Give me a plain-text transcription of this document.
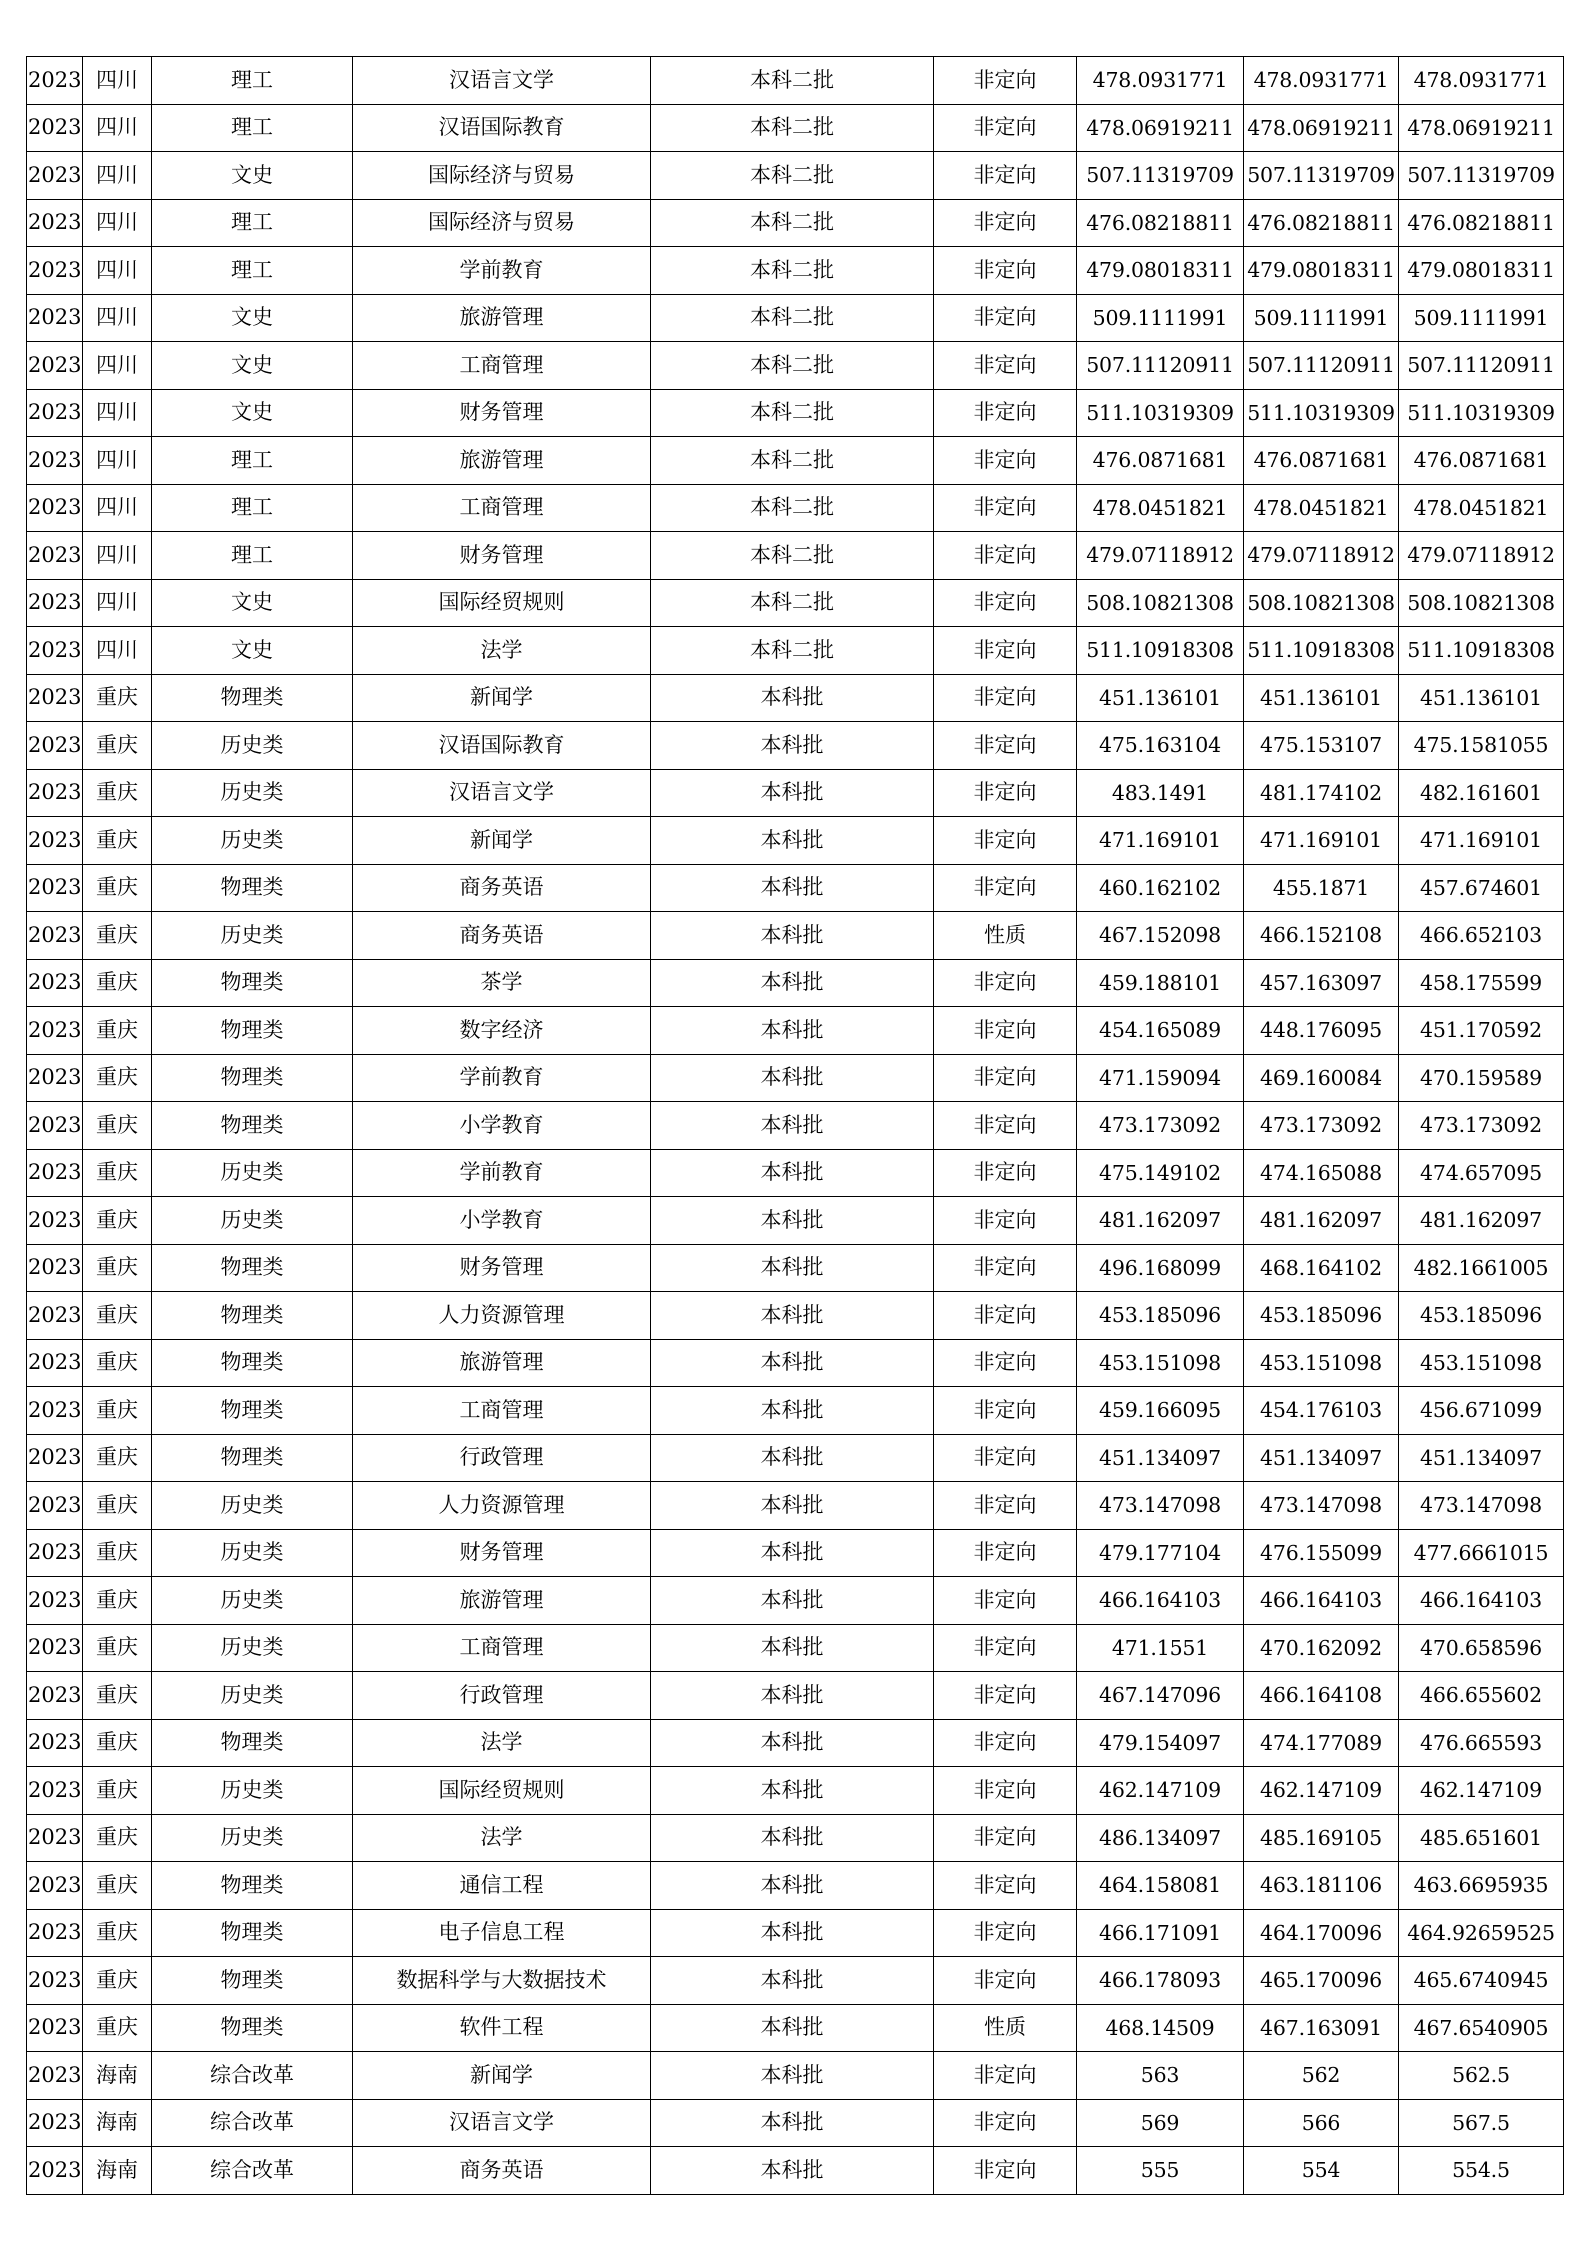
2023	四川	理工	汉语言文学	本科二批	非定向	478.0931771	478.0931771	478.0931771
2023	四川	理工	汉语国际教育	本科二批	非定向	478.06919211	478.06919211	478.06919211
2023	四川	文史	国际经济与贸易	本科二批	非定向	507.11319709	507.11319709	507.11319709
2023	四川	理工	国际经济与贸易	本科二批	非定向	476.08218811	476.08218811	476.08218811
2023	四川	理工	学前教育	本科二批	非定向	479.08018311	479.08018311	479.08018311
2023	四川	文史	旅游管理	本科二批	非定向	509.1111991	509.1111991	509.1111991
2023	四川	文史	工商管理	本科二批	非定向	507.11120911	507.11120911	507.11120911
2023	四川	文史	财务管理	本科二批	非定向	511.10319309	511.10319309	511.10319309
2023	四川	理工	旅游管理	本科二批	非定向	476.0871681	476.0871681	476.0871681
2023	四川	理工	工商管理	本科二批	非定向	478.0451821	478.0451821	478.0451821
2023	四川	理工	财务管理	本科二批	非定向	479.07118912	479.07118912	479.07118912
2023	四川	文史	国际经贸规则	本科二批	非定向	508.10821308	508.10821308	508.10821308
2023	四川	文史	法学	本科二批	非定向	511.10918308	511.10918308	511.10918308
2023	重庆	物理类	新闻学	本科批	非定向	451.136101	451.136101	451.136101
2023	重庆	历史类	汉语国际教育	本科批	非定向	475.163104	475.153107	475.1581055
2023	重庆	历史类	汉语言文学	本科批	非定向	483.1491	481.174102	482.161601
2023	重庆	历史类	新闻学	本科批	非定向	471.169101	471.169101	471.169101
2023	重庆	物理类	商务英语	本科批	非定向	460.162102	455.1871	457.674601
2023	重庆	历史类	商务英语	本科批	性质	467.152098	466.152108	466.652103
2023	重庆	物理类	茶学	本科批	非定向	459.188101	457.163097	458.175599
2023	重庆	物理类	数字经济	本科批	非定向	454.165089	448.176095	451.170592
2023	重庆	物理类	学前教育	本科批	非定向	471.159094	469.160084	470.159589
2023	重庆	物理类	小学教育	本科批	非定向	473.173092	473.173092	473.173092
2023	重庆	历史类	学前教育	本科批	非定向	475.149102	474.165088	474.657095
2023	重庆	历史类	小学教育	本科批	非定向	481.162097	481.162097	481.162097
2023	重庆	物理类	财务管理	本科批	非定向	496.168099	468.164102	482.1661005
2023	重庆	物理类	人力资源管理	本科批	非定向	453.185096	453.185096	453.185096
2023	重庆	物理类	旅游管理	本科批	非定向	453.151098	453.151098	453.151098
2023	重庆	物理类	工商管理	本科批	非定向	459.166095	454.176103	456.671099
2023	重庆	物理类	行政管理	本科批	非定向	451.134097	451.134097	451.134097
2023	重庆	历史类	人力资源管理	本科批	非定向	473.147098	473.147098	473.147098
2023	重庆	历史类	财务管理	本科批	非定向	479.177104	476.155099	477.6661015
2023	重庆	历史类	旅游管理	本科批	非定向	466.164103	466.164103	466.164103
2023	重庆	历史类	工商管理	本科批	非定向	471.1551	470.162092	470.658596
2023	重庆	历史类	行政管理	本科批	非定向	467.147096	466.164108	466.655602
2023	重庆	物理类	法学	本科批	非定向	479.154097	474.177089	476.665593
2023	重庆	历史类	国际经贸规则	本科批	非定向	462.147109	462.147109	462.147109
2023	重庆	历史类	法学	本科批	非定向	486.134097	485.169105	485.651601
2023	重庆	物理类	通信工程	本科批	非定向	464.158081	463.181106	463.6695935
2023	重庆	物理类	电子信息工程	本科批	非定向	466.171091	464.170096	464.92659525
2023	重庆	物理类	数据科学与大数据技术	本科批	非定向	466.178093	465.170096	465.6740945
2023	重庆	物理类	软件工程	本科批	性质	468.14509	467.163091	467.6540905
2023	海南	综合改革	新闻学	本科批	非定向	563	562	562.5
2023	海南	综合改革	汉语言文学	本科批	非定向	569	566	567.5
2023	海南	综合改革	商务英语	本科批	非定向	555	554	554.5
